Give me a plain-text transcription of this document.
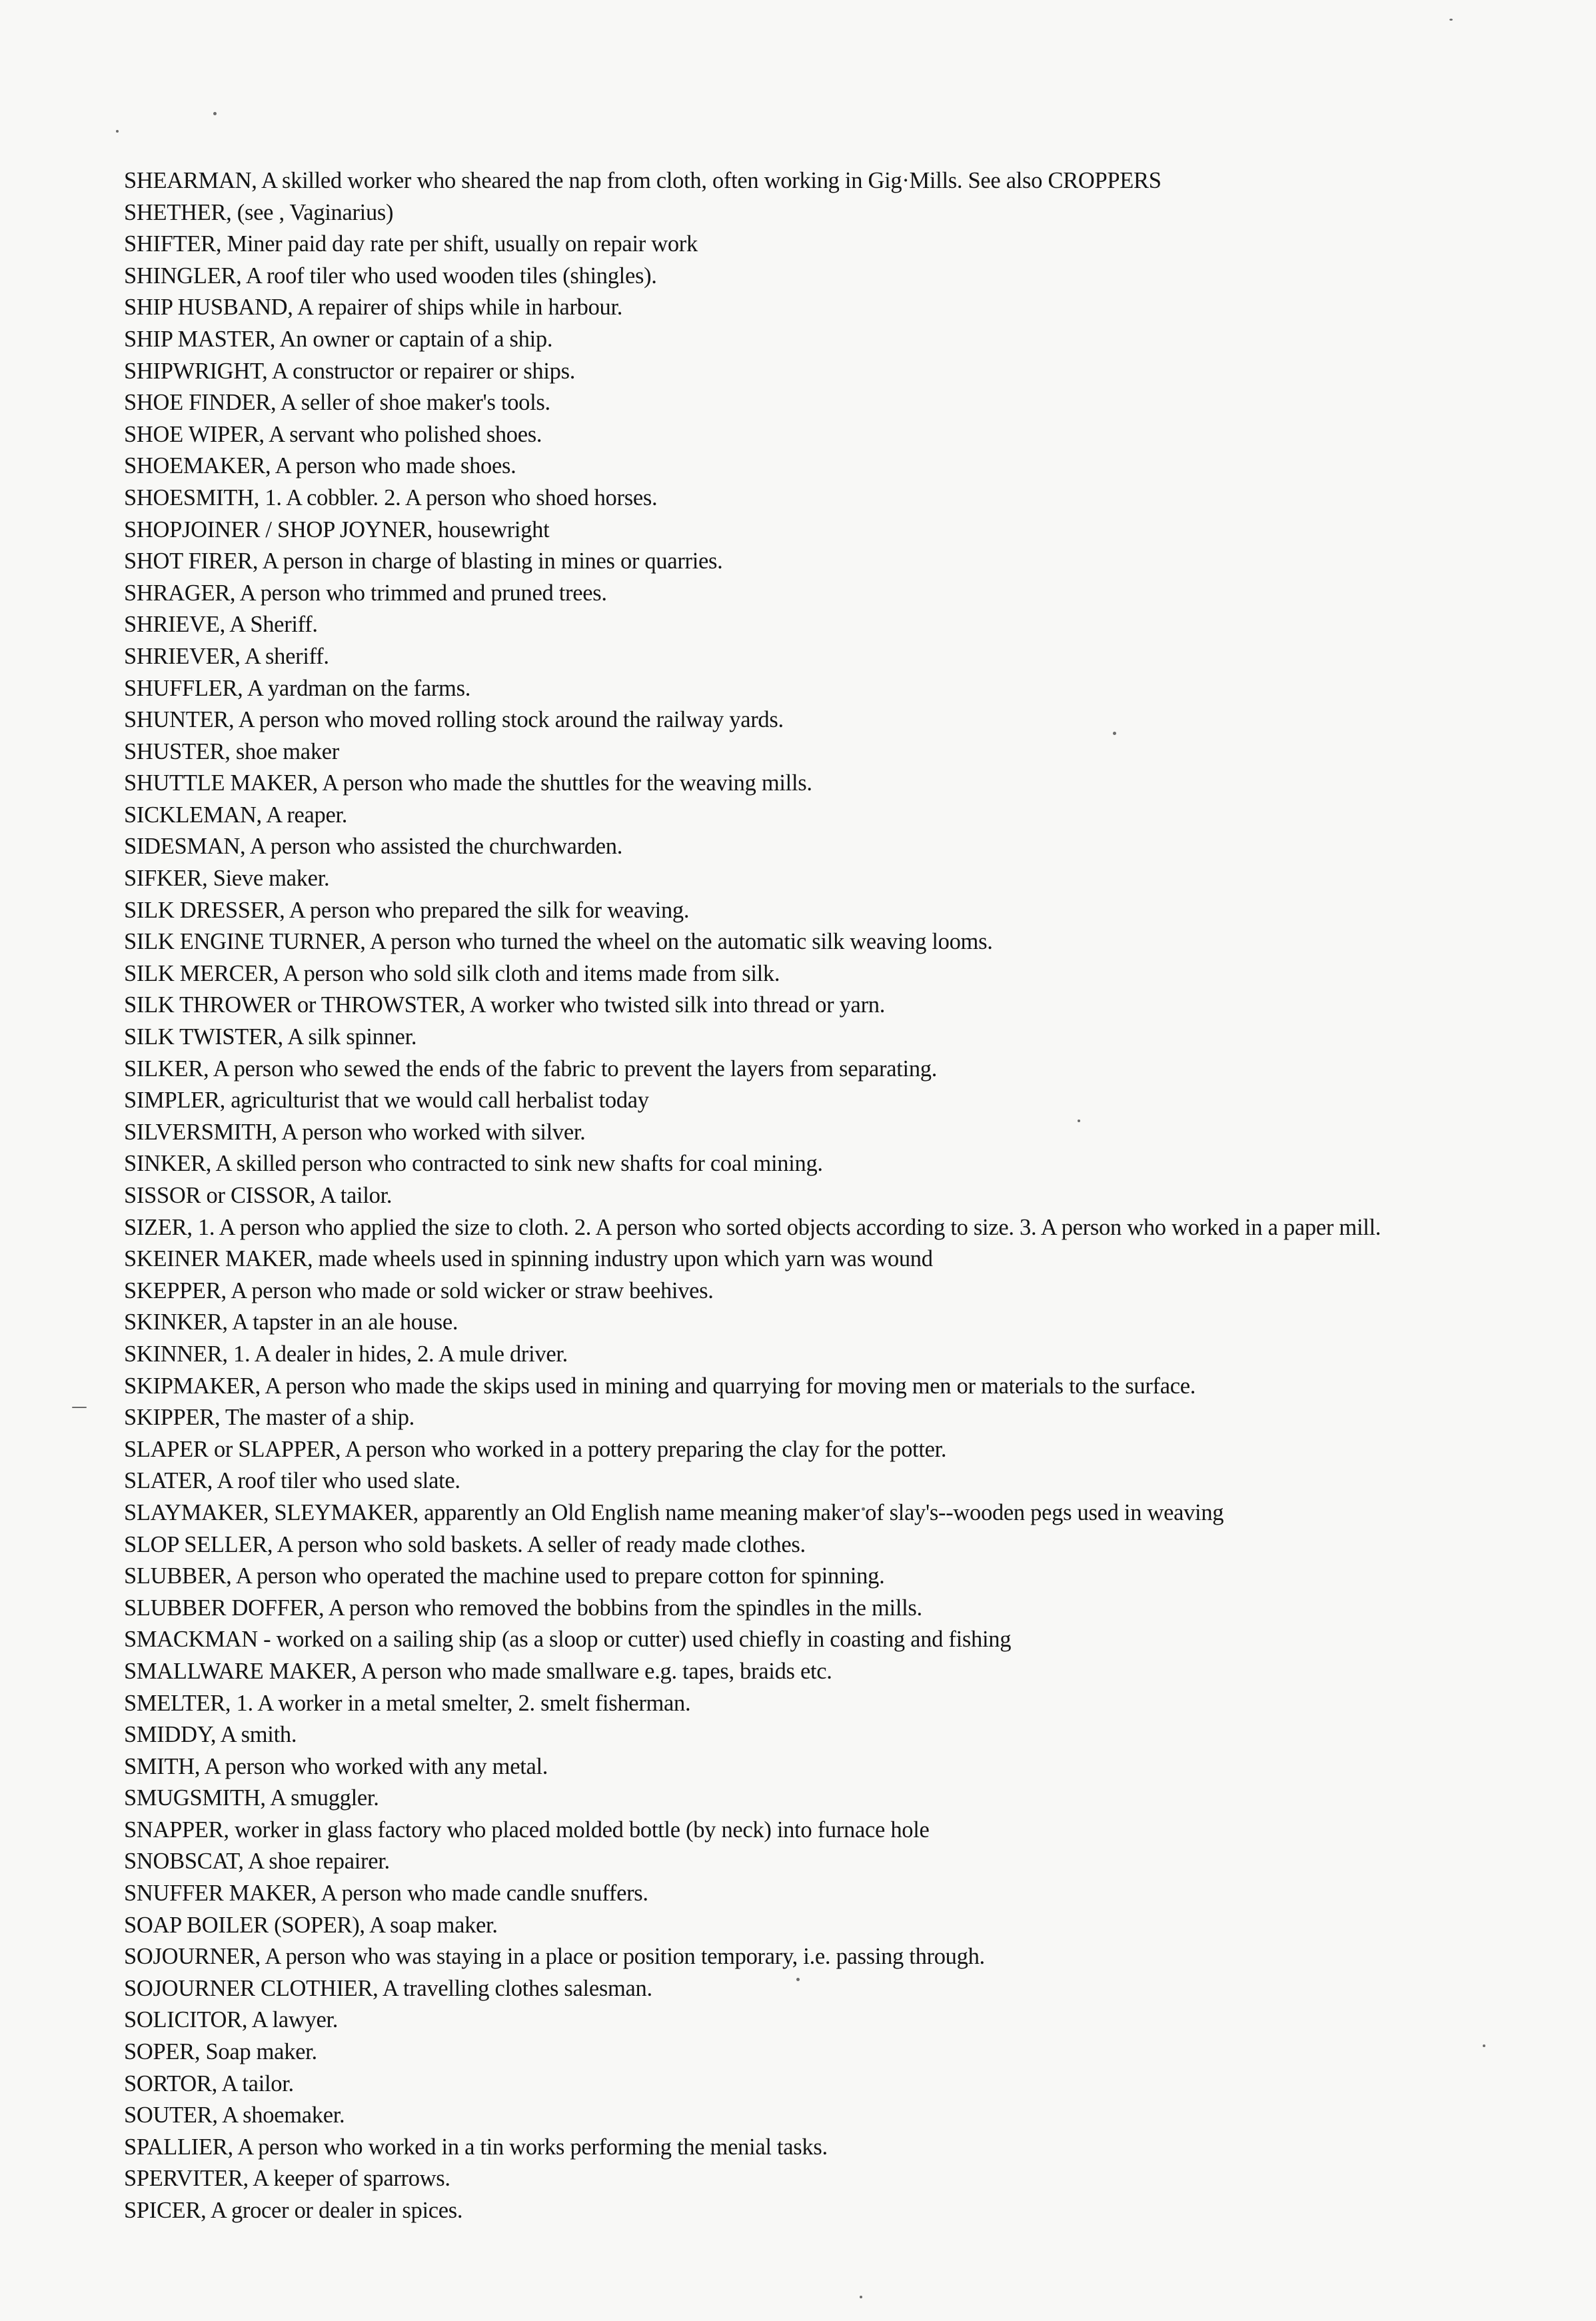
SHEARMAN, A skilled worker who sheared the nap from cloth, often working in Gig·Mills. See also CROPPERS
SHETHER, (see , Vaginarius)
SHIFTER, Miner paid day rate per shift, usually on repair work
SHINGLER, A roof tiler who used wooden tiles (shingles).
SHIP HUSBAND, A repairer of ships while in harbour.
SHIP MASTER, An owner or captain of a ship.
SHIPWRIGHT, A constructor or repairer or ships.
SHOE FINDER, A seller of shoe maker's tools.
SHOE WIPER, A servant who polished shoes.
SHOEMAKER, A person who made shoes.
SHOESMITH, 1. A cobbler. 2. A person who shoed horses.
SHOPJOINER / SHOP JOYNER, housewright
SHOT FIRER, A person in charge of blasting in mines or quarries.
SHRAGER, A person who trimmed and pruned trees.
SHRIEVE, A Sheriff.
SHRIEVER, A sheriff.
SHUFFLER, A yardman on the farms.
SHUNTER, A person who moved rolling stock around the railway yards.
SHUSTER, shoe maker
SHUTTLE MAKER, A person who made the shuttles for the weaving mills.
SICKLEMAN, A reaper.
SIDESMAN, A person who assisted the churchwarden.
SIFKER, Sieve maker.
SILK DRESSER, A person who prepared the silk for weaving.
SILK ENGINE TURNER, A person who turned the wheel on the automatic silk weaving looms.
SILK MERCER, A person who sold silk cloth and items made from silk.
SILK THROWER or THROWSTER, A worker who twisted silk into thread or yarn.
SILK TWISTER, A silk spinner.
SILKER, A person who sewed the ends of the fabric to prevent the layers from separating.
SIMPLER, agriculturist that we would call herbalist today
SILVERSMITH, A person who worked with silver.
SINKER, A skilled person who contracted to sink new shafts for coal mining.
SISSOR or CISSOR, A tailor.
SIZER, 1. A person who applied the size to cloth. 2. A person who sorted objects according to size. 3. A person who worked in a paper mill.
SKEINER MAKER, made wheels used in spinning industry upon which yarn was wound
SKEPPER, A person who made or sold wicker or straw beehives.
SKINKER, A tapster in an ale house.
SKINNER, 1. A dealer in hides, 2. A mule driver.
SKIPMAKER, A person who made the skips used in mining and quarrying for moving men or materials to the surface.
SKIPPER, The master of a ship.
SLAPER or SLAPPER, A person who worked in a pottery preparing the clay for the potter.
SLATER, A roof tiler who used slate.
SLAYMAKER, SLEYMAKER, apparently an Old English name meaning maker of slay's--wooden pegs used in weaving
SLOP SELLER, A person who sold baskets. A seller of ready made clothes.
SLUBBER, A person who operated the machine used to prepare cotton for spinning.
SLUBBER DOFFER, A person who removed the bobbins from the spindles in the mills.
SMACKMAN - worked on a sailing ship (as a sloop or cutter) used chiefly in coasting and fishing
SMALLWARE MAKER, A person who made smallware e.g. tapes, braids etc.
SMELTER, 1. A worker in a metal smelter, 2. smelt fisherman.
SMIDDY, A smith.
SMITH, A person who worked with any metal.
SMUGSMITH, A smuggler.
SNAPPER, worker in glass factory who placed molded bottle (by neck) into furnace hole
SNOBSCAT, A shoe repairer.
SNUFFER MAKER, A person who made candle snuffers.
SOAP BOILER (SOPER), A soap maker.
SOJOURNER, A person who was staying in a place or position temporary, i.e. passing through.
SOJOURNER CLOTHIER, A travelling clothes salesman.
SOLICITOR, A lawyer.
SOPER, Soap maker.
SORTOR, A tailor.
SOUTER, A shoemaker.
SPALLIER, A person who worked in a tin works performing the menial tasks.
SPERVITER, A keeper of sparrows.
SPICER, A grocer or dealer in spices.
